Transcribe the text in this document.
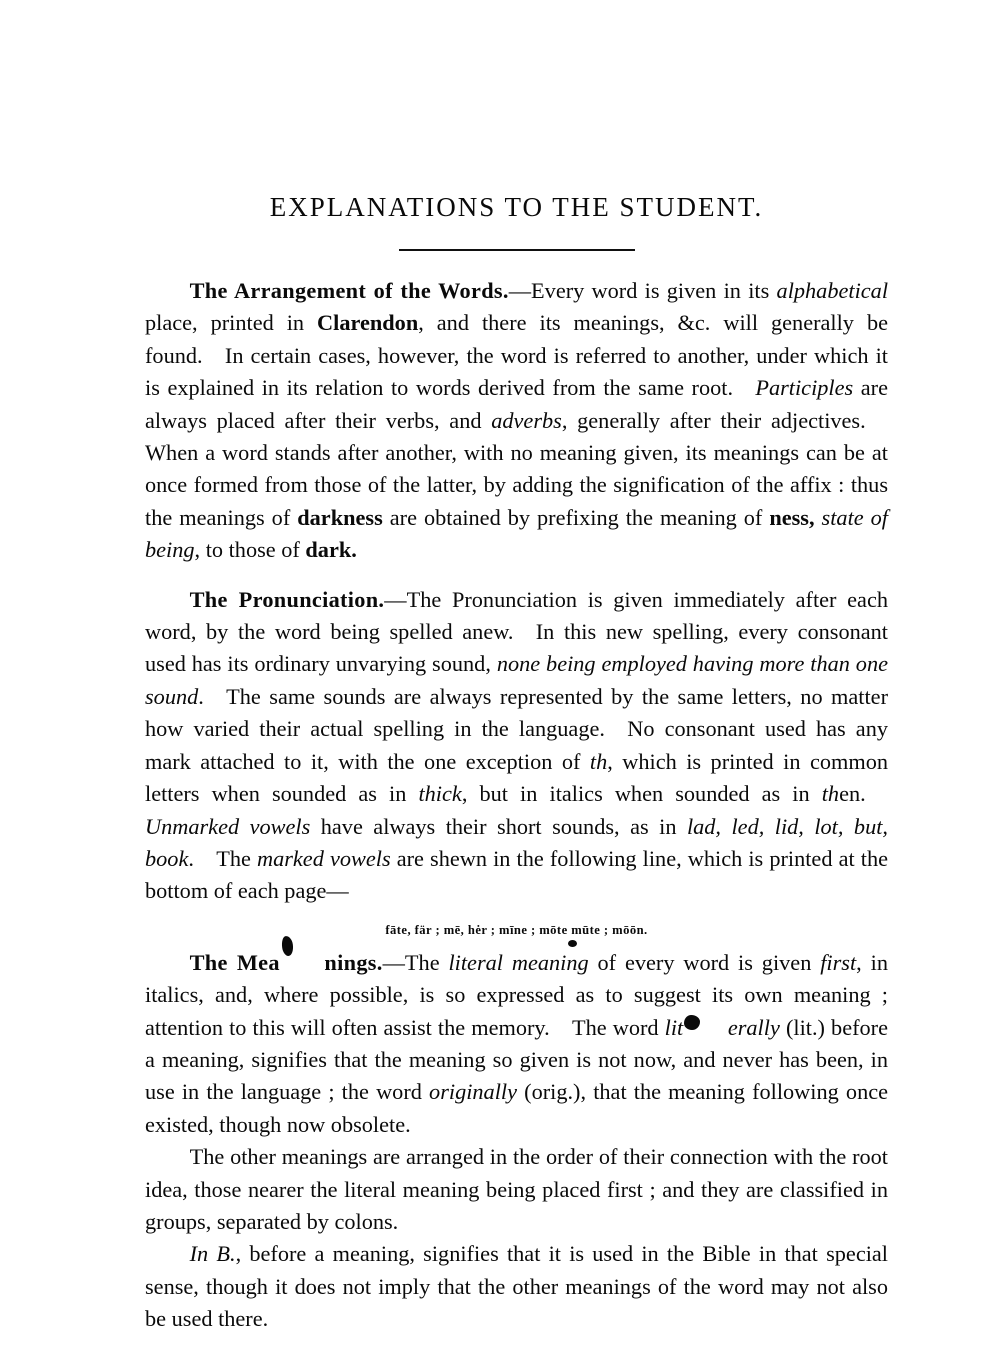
EXPLANATIONS TO THE STUDENT.

The Arrangement of the Words.—Every word is given in its alphabetical place, printed in Clarendon, and there its meanings, &c. will generally be found. In certain cases, however, the word is referred to another, under which it is explained in its relation to words derived from the same root. Participles are always placed after their verbs, and adverbs, generally after their adjectives. When a word stands after another, with no meaning given, its meanings can be at once formed from those of the latter, by adding the signification of the affix : thus the meanings of darkness are obtained by prefixing the meaning of ness, state of being, to those of dark.

The Pronunciation.—The Pronunciation is given immediately after each word, by the word being spelled anew. In this new spelling, every consonant used has its ordinary unvarying sound, none being employed having more than one sound. The same sounds are always represented by the same letters, no matter how varied their actual spelling in the language. No consonant used has any mark attached to it, with the one exception of th, which is printed in common letters when sounded as in thick, but in italics when sounded as in then. Unmarked vowels have always their short sounds, as in lad, led, lid, lot, but, book. The marked vowels are shewn in the following line, which is printed at the bottom of each page—

fāte, fär ; mē, hėr ; mīne ; mōte mūte ; mōōn.

The Mea nings.—The literal meaning of every word is given first, in italics, and, where possible, is so expressed as to suggest its own meaning ; attention to this will often assist the memory. The word lit erally (lit.) before a meaning, signifies that the meaning so given is not now, and never has been, in use in the language ; the word originally (orig.), that the meaning following once existed, though now obsolete.

The other meanings are arranged in the order of their connection with the root idea, those nearer the literal meaning being placed first ; and they are classified in groups, separated by colons.

In B., before a meaning, signifies that it is used in the Bible in that special sense, though it does not imply that the other meanings of the word may not also be used there.
